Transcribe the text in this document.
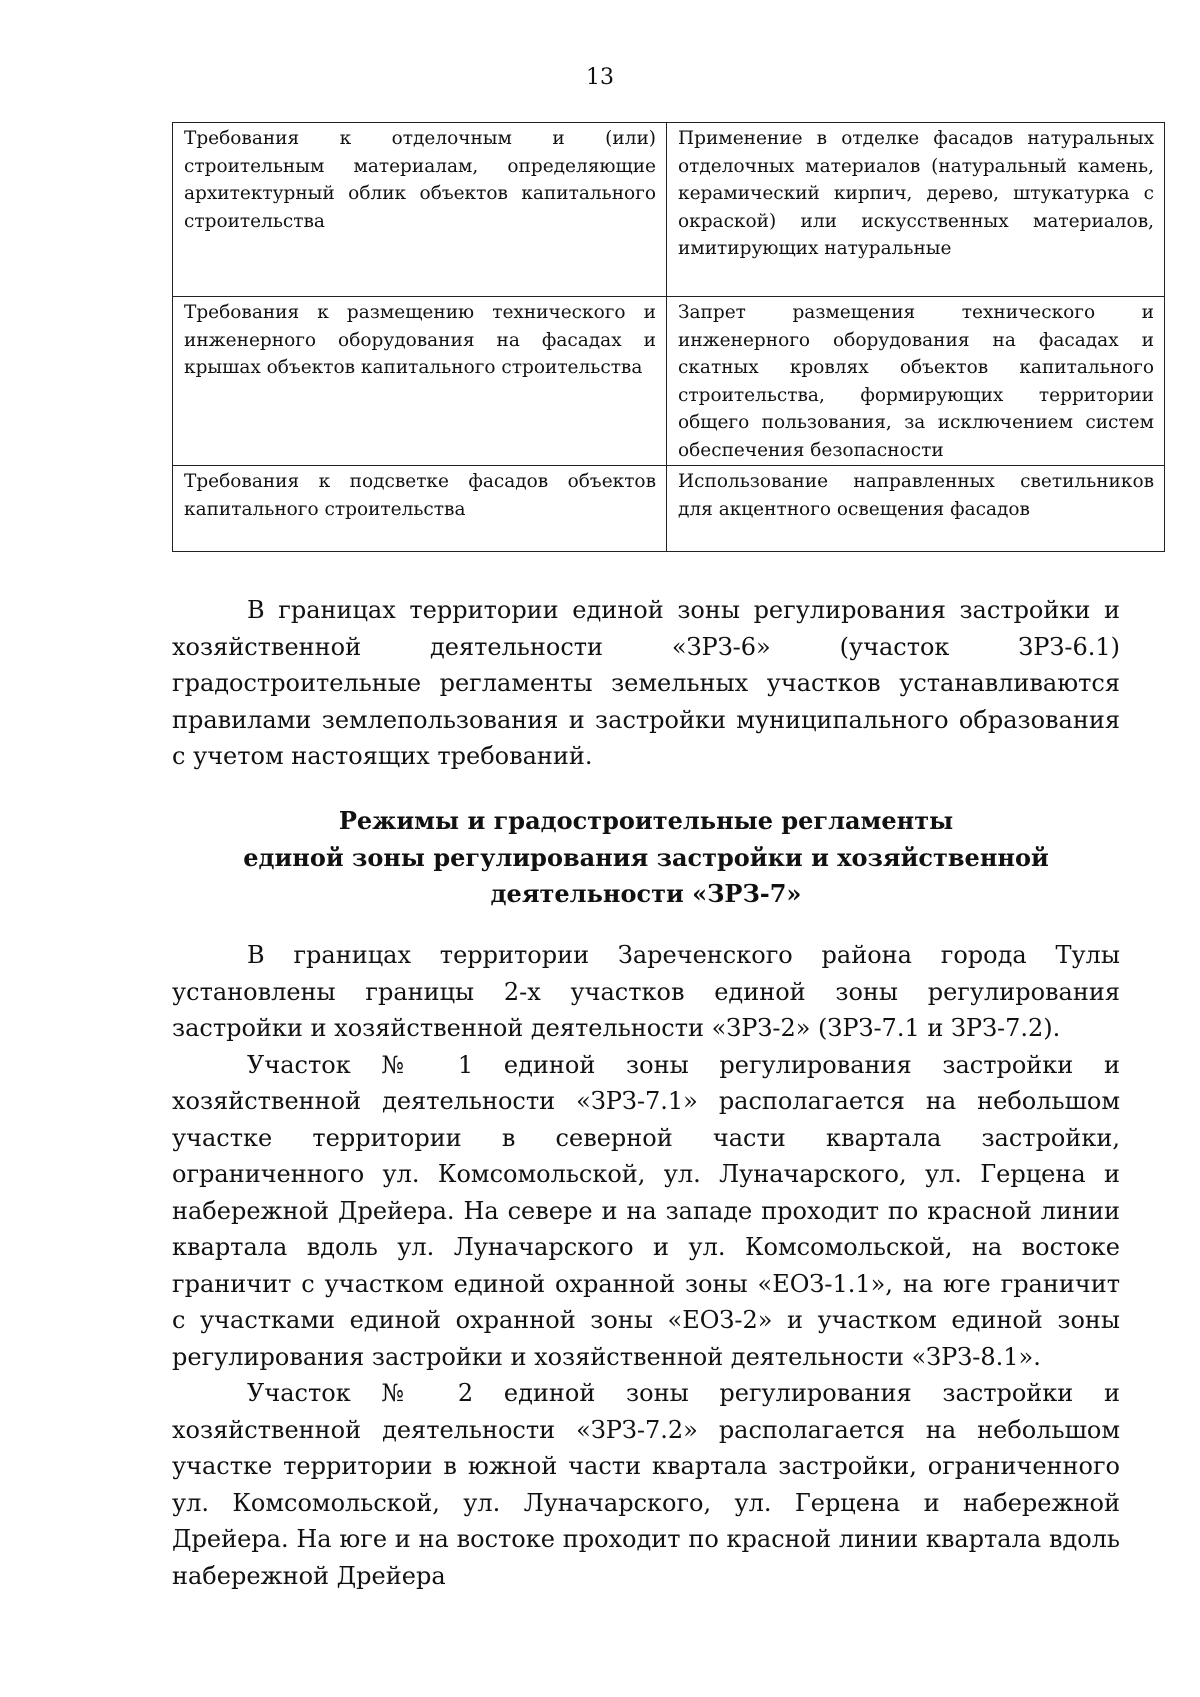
13
Требования к отделочным и (или) строительным материалам, определяющие архитектурный облик объектов капитального строительства	Применение в отделке фасадов натуральных отделочных материалов (натуральный камень, керамический кирпич, дерево, штукатурка с окраской) или искусственных материалов, имитирующих натуральные
Требования к размещению технического и инженерного оборудования на фасадах и крышах объектов капитального строительства	Запрет размещения технического и инженерного оборудования на фасадах и скатных кровлях объектов капитального строительства, формирующих территории общего пользования, за исключением систем обеспечения безопасности
Требования к подсветке фасадов объектов капитального строительства	Использование направленных светильников для акцентного освещения фасадов

В границах территории единой зоны регулирования застройки и хозяйственной деятельности «ЗРЗ-6» (участок ЗРЗ-6.1) градостроительные регламенты земельных участков устанавливаются правилами землепользования и застройки муниципального образования с учетом настоящих требований.

Режимы и градостроительные регламенты
единой зоны регулирования застройки и хозяйственной
деятельности «ЗРЗ-7»

В границах территории Зареченского района города Тулы установлены границы 2-х участков единой зоны регулирования застройки и хозяйственной деятельности «ЗРЗ-2» (ЗРЗ-7.1 и ЗРЗ-7.2).

Участок № 1 единой зоны регулирования застройки и хозяйственной деятельности «ЗРЗ-7.1» располагается на небольшом участке территории в северной части квартала застройки, ограниченного ул. Комсомольской, ул. Луначарского, ул. Герцена и набережной Дрейера. На севере и на западе проходит по красной линии квартала вдоль ул. Луначарского и ул. Комсомольской, на востоке граничит с участком единой охранной зоны «ЕОЗ-1.1», на юге граничит с участками единой охранной зоны «ЕОЗ-2» и участком единой зоны регулирования застройки и хозяйственной деятельности «ЗРЗ-8.1».

Участок № 2 единой зоны регулирования застройки и хозяйственной деятельности «ЗРЗ-7.2» располагается на небольшом участке территории в южной части квартала застройки, ограниченного ул. Комсомольской, ул. Луначарского, ул. Герцена и набережной Дрейера. На юге и на востоке проходит по красной линии квартала вдоль набережной Дрейера
